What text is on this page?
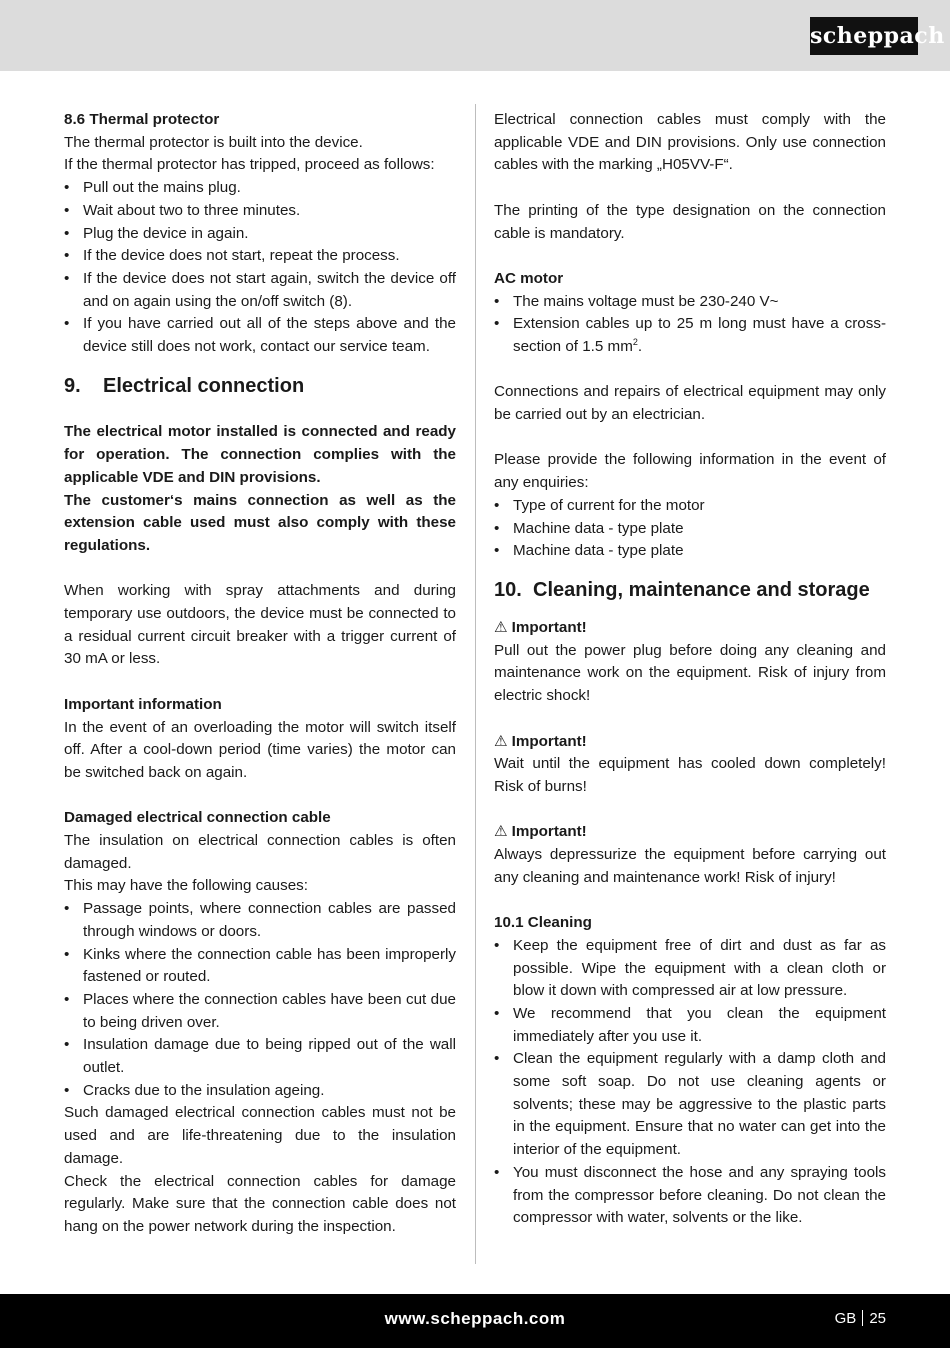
scheppach

8.6 Thermal protector

The thermal protector is built into the device.

If the thermal protector has tripped, proceed as follows:

• Pull out the mains plug.
• Wait about two to three minutes.
• Plug the device in again.
• If the device does not start, repeat the process.
• If the device does not start again, switch the device off and on again using the on/off switch (8).
• If you have carried out all of the steps above and the device still does not work, contact our service team.
9.	Electrical connection

The electrical motor installed is connected and ready for operation. The connection complies with the applicable VDE and DIN provisions.

The customer‘s mains connection as well as the extension cable used must also comply with these regulations.

When working with spray attachments and during temporary use outdoors, the device must be connected to a residual current circuit breaker with a trigger current of 30 mA or less.

Important information

In the event of an overloading the motor will switch itself off. After a cool-down period (time varies) the motor can be switched back on again.

Damaged electrical connection cable

The insulation on electrical connection cables is often damaged.

This may have the following causes:

• Passage points, where connection cables are passed through windows or doors.
• Kinks where the connection cable has been improperly fastened or routed.
• Places where the connection cables have been cut due to being driven over.
• Insulation damage due to being ripped out of the wall outlet.
• Cracks due to the insulation ageing.

Such damaged electrical connection cables must not be used and are life-threatening due to the insulation damage.

Check the electrical connection cables for damage regularly. Make sure that the connection cable does not hang on the power network during the inspection.

Electrical connection cables must comply with the applicable VDE and DIN provisions. Only use connection cables with the marking „H05VV-F“.

The printing of the type designation on the connection cable is mandatory.

AC motor

• The mains voltage must be 230-240 V~
• Extension cables up to 25 m long must have a cross-section of 1.5 $mm^2$.

Connections and repairs of electrical equipment may only be carried out by an electrician.

Please provide the following information in the event of any enquiries:

• Type of current for the motor
• Machine data - type plate
• Machine data - type plate
10. Cleaning, maintenance and storage

⚠ Important!

Pull out the power plug before doing any cleaning and maintenance work on the equipment. Risk of injury from electric shock!

⚠ Important!

Wait until the equipment has cooled down completely! Risk of burns!

⚠ Important!

Always depressurize the equipment before carrying out any cleaning and maintenance work! Risk of injury!

10.1 Cleaning

• Keep the equipment free of dirt and dust as far as possible. Wipe the equipment with a clean cloth or blow it down with compressed air at low pressure.
• We recommend that you clean the equipment immediately after you use it.
• Clean the equipment regularly with a damp cloth and some soft soap. Do not use cleaning agents or solvents; these may be aggressive to the plastic parts in the equipment. Ensure that no water can get into the interior of the equipment.
• You must disconnect the hose and any spraying tools from the compressor before cleaning. Do not clean the compressor with water, solvents or the like.
www.scheppach.com	GB 25
